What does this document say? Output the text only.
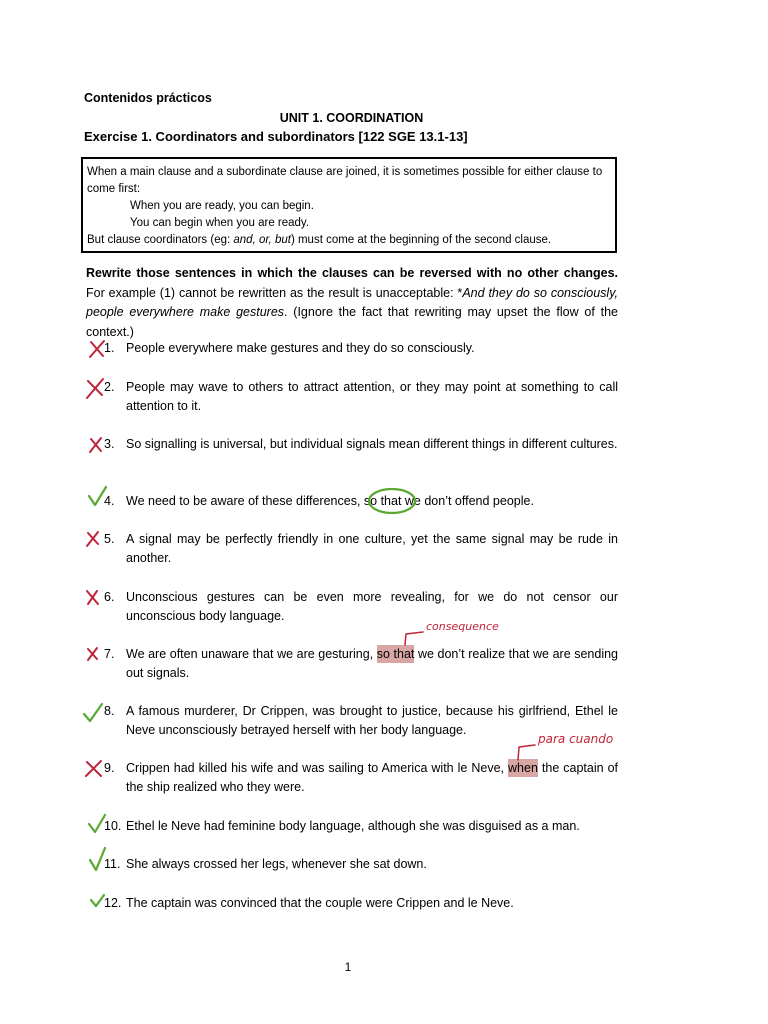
Contenidos prácticos
UNIT 1. COORDINATION
Exercise 1. Coordinators and subordinators [122 SGE 13.1-13]
When a main clause and a subordinate clause are joined, it is sometimes possible for either clause to come first:
When you are ready, you can begin.
You can begin when you are ready.
But clause coordinators (eg: and, or, but) must come at the beginning of the second clause.
Rewrite those sentences in which the clauses can be reversed with no other changes. For example (1) cannot be rewritten as the result is unacceptable: *And they do so consciously, people everywhere make gestures. (Ignore the fact that rewriting may upset the flow of the context.)
1. People everywhere make gestures and they do so consciously.
2. People may wave to others to attract attention, or they may point at something to call attention to it.
3. So signalling is universal, but individual signals mean different things in different cultures.
4. We need to be aware of these differences, so that we don’t offend people.
5. A signal may be perfectly friendly in one culture, yet the same signal may be rude in another.
6. Unconscious gestures can be even more revealing, for we do not censor our unconscious body language.
7. We are often unaware that we are gesturing, so that we don’t realize that we are sending out signals.
8. A famous murderer, Dr Crippen, was brought to justice, because his girlfriend, Ethel le Neve unconsciously betrayed herself with her body language.
9. Crippen had killed his wife and was sailing to America with le Neve, when the captain of the ship realized who they were.
10. Ethel le Neve had feminine body language, although she was disguised as a man.
11. She always crossed her legs, whenever she sat down.
12. The captain was convinced that the couple were Crippen and le Neve.
consequence
para cuando
1
